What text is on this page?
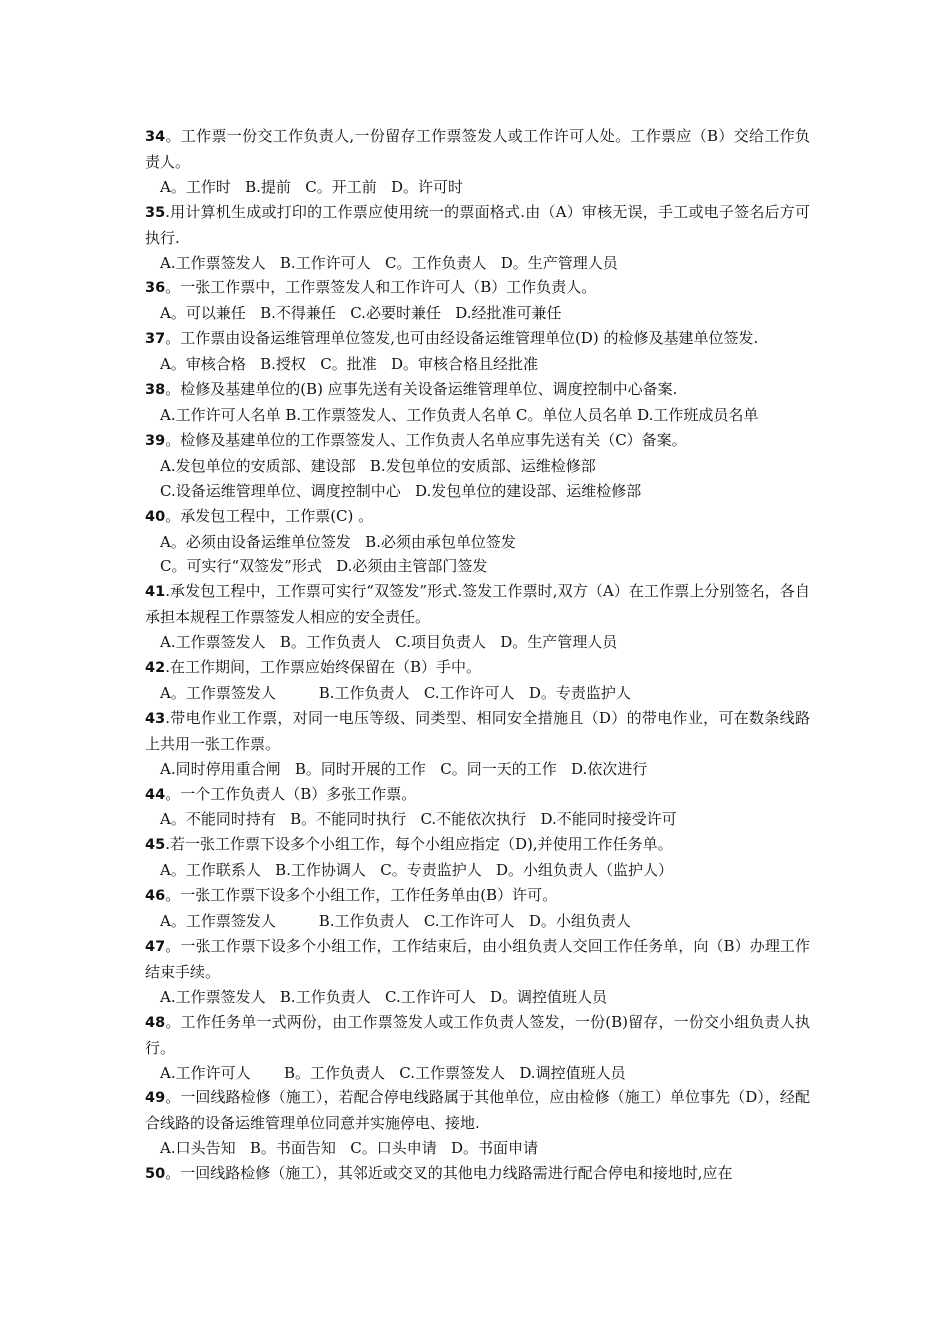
34。工作票一份交工作负责人,一份留存工作票签发人或工作许可人处。工作票应（B）交给工作负责人。

A。工作时   B.提前   C。开工前   D。许可时

35.用计算机生成或打印的工作票应使用统一的票面格式.由（A）审核无误，手工或电子签名后方可执行.

A.工作票签发人   B.工作许可人   C。工作负责人   D。生产管理人员

36。一张工作票中，工作票签发人和工作许可人（B）工作负责人。

A。可以兼任   B.不得兼任   C.必要时兼任   D.经批准可兼任

37。工作票由设备运维管理单位签发,也可由经设备运维管理单位(D) 的检修及基建单位签发.

A。审核合格   B.授权   C。批准   D。审核合格且经批准

38。检修及基建单位的(B) 应事先送有关设备运维管理单位、调度控制中心备案.

A.工作许可人名单 B.工作票签发人、工作负责人名单 C。单位人员名单 D.工作班成员名单

39。检修及基建单位的工作票签发人、工作负责人名单应事先送有关（C）备案。

A.发包单位的安质部、建设部   B.发包单位的安质部、运维检修部

C.设备运维管理单位、调度控制中心   D.发包单位的建设部、运维检修部

40。承发包工程中，工作票(C) 。

A。必须由设备运维单位签发   B.必须由承包单位签发

C。可实行“双签发”形式   D.必须由主管部门签发

41.承发包工程中，工作票可实行“双签发”形式.签发工作票时,双方（A）在工作票上分别签名，各自承担本规程工作票签发人相应的安全责任。

A.工作票签发人   B。工作负责人   C.项目负责人   D。生产管理人员

42.在工作期间，工作票应始终保留在（B）手中。

A。工作票签发人         B.工作负责人   C.工作许可人   D。专责监护人

43.带电作业工作票，对同一电压等级、同类型、相同安全措施且（D）的带电作业，可在数条线路上共用一张工作票。

A.同时停用重合闸   B。同时开展的工作   C。同一天的工作   D.依次进行

44。一个工作负责人（B）多张工作票。

A。不能同时持有   B。不能同时执行   C.不能依次执行   D.不能同时接受许可

45.若一张工作票下设多个小组工作，每个小组应指定（D),并使用工作任务单。

A。工作联系人   B.工作协调人   C。专责监护人   D。小组负责人（监护人）

46。一张工作票下设多个小组工作，工作任务单由(B）许可。

A。工作票签发人         B.工作负责人   C.工作许可人   D。小组负责人

47。一张工作票下设多个小组工作，工作结束后，由小组负责人交回工作任务单，向（B）办理工作结束手续。

A.工作票签发人   B.工作负责人   C.工作许可人   D。调控值班人员

48。工作任务单一式两份，由工作票签发人或工作负责人签发，一份(B)留存，一份交小组负责人执行。

A.工作许可人       B。工作负责人   C.工作票签发人   D.调控值班人员

49。一回线路检修（施工），若配合停电线路属于其他单位，应由检修（施工）单位事先（D），经配合线路的设备运维管理单位同意并实施停电、接地.

A.口头告知   B。书面告知   C。口头申请   D。书面申请

50。一回线路检修（施工），其邻近或交叉的其他电力线路需进行配合停电和接地时,应在
